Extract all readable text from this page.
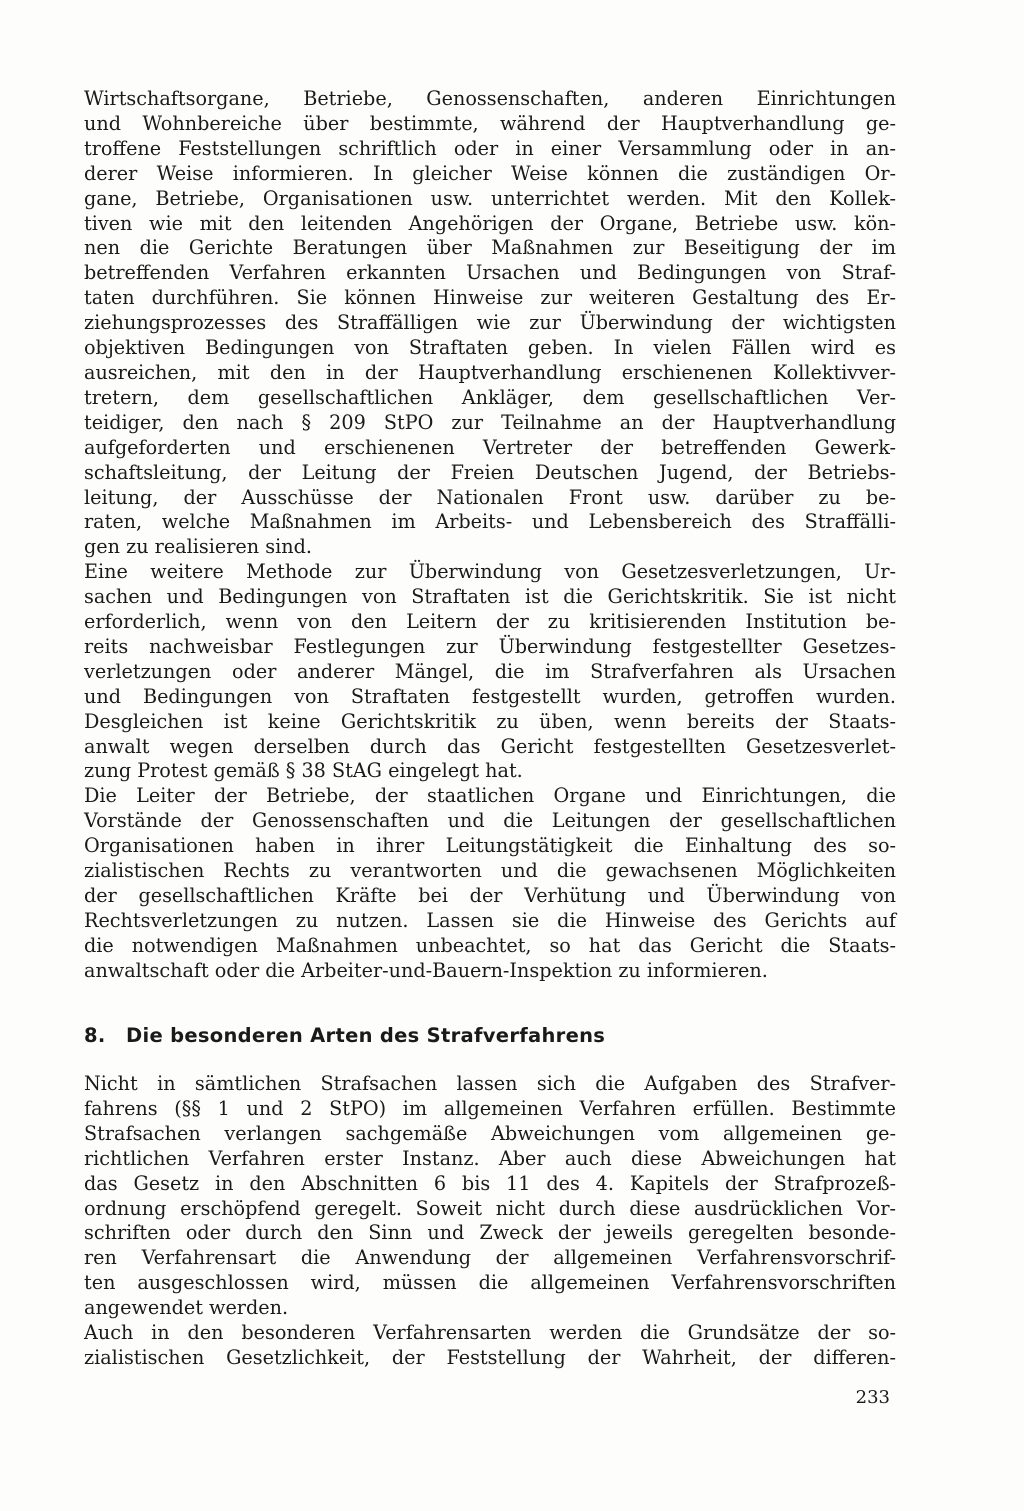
Wirtschaftsorgane, Betriebe, Genossenschaften, anderen Einrichtungen
und Wohnbereiche über bestimmte, während der Hauptverhandlung ge-
troffene Feststellungen schriftlich oder in einer Versammlung oder in an-
derer Weise informieren. In gleicher Weise können die zuständigen Or-
gane, Betriebe, Organisationen usw. unterrichtet werden. Mit den Kollek-
tiven wie mit den leitenden Angehörigen der Organe, Betriebe usw. kön-
nen die Gerichte Beratungen über Maßnahmen zur Beseitigung der im
betreffenden Verfahren erkannten Ursachen und Bedingungen von Straf-
taten durchführen. Sie können Hinweise zur weiteren Gestaltung des Er-
ziehungsprozesses des Straffälligen wie zur Überwindung der wichtigsten
objektiven Bedingungen von Straftaten geben. In vielen Fällen wird es
ausreichen, mit den in der Hauptverhandlung erschienenen Kollektivver-
tretern, dem gesellschaftlichen Ankläger, dem gesellschaftlichen Ver-
teidiger, den nach § 209 StPO zur Teilnahme an der Hauptverhandlung
aufgeforderten und erschienenen Vertreter der betreffenden Gewerk-
schaftsleitung, der Leitung der Freien Deutschen Jugend, der Betriebs-
leitung, der Ausschüsse der Nationalen Front usw. darüber zu be-
raten, welche Maßnahmen im Arbeits- und Lebensbereich des Straffälli-
gen zu realisieren sind.
Eine weitere Methode zur Überwindung von Gesetzesverletzungen, Ur-
sachen und Bedingungen von Straftaten ist die Gerichtskritik. Sie ist nicht
erforderlich, wenn von den Leitern der zu kritisierenden Institution be-
reits nachweisbar Festlegungen zur Überwindung festgestellter Gesetzes-
verletzungen oder anderer Mängel, die im Strafverfahren als Ursachen
und Bedingungen von Straftaten festgestellt wurden, getroffen wurden.
Desgleichen ist keine Gerichtskritik zu üben, wenn bereits der Staats-
anwalt wegen derselben durch das Gericht festgestellten Gesetzesverlet-
zung Protest gemäß § 38 StAG eingelegt hat.
Die Leiter der Betriebe, der staatlichen Organe und Einrichtungen, die
Vorstände der Genossenschaften und die Leitungen der gesellschaftlichen
Organisationen haben in ihrer Leitungstätigkeit die Einhaltung des so-
zialistischen Rechts zu verantworten und die gewachsenen Möglichkeiten
der gesellschaftlichen Kräfte bei der Verhütung und Überwindung von
Rechtsverletzungen zu nutzen. Lassen sie die Hinweise des Gerichts auf
die notwendigen Maßnahmen unbeachtet, so hat das Gericht die Staats-
anwaltschaft oder die Arbeiter-und-Bauern-Inspektion zu informieren.
8. Die besonderen Arten des Strafverfahrens
Nicht in sämtlichen Strafsachen lassen sich die Aufgaben des Strafver-
fahrens (§§ 1 und 2 StPO) im allgemeinen Verfahren erfüllen. Bestimmte
Strafsachen verlangen sachgemäße Abweichungen vom allgemeinen ge-
richtlichen Verfahren erster Instanz. Aber auch diese Abweichungen hat
das Gesetz in den Abschnitten 6 bis 11 des 4. Kapitels der Strafprozeß-
ordnung erschöpfend geregelt. Soweit nicht durch diese ausdrücklichen Vor-
schriften oder durch den Sinn und Zweck der jeweils geregelten besonde-
ren Verfahrensart die Anwendung der allgemeinen Verfahrensvorschrif-
ten ausgeschlossen wird, müssen die allgemeinen Verfahrensvorschriften
angewendet werden.
Auch in den besonderen Verfahrensarten werden die Grundsätze der so-
zialistischen Gesetzlichkeit, der Feststellung der Wahrheit, der differen-
233
